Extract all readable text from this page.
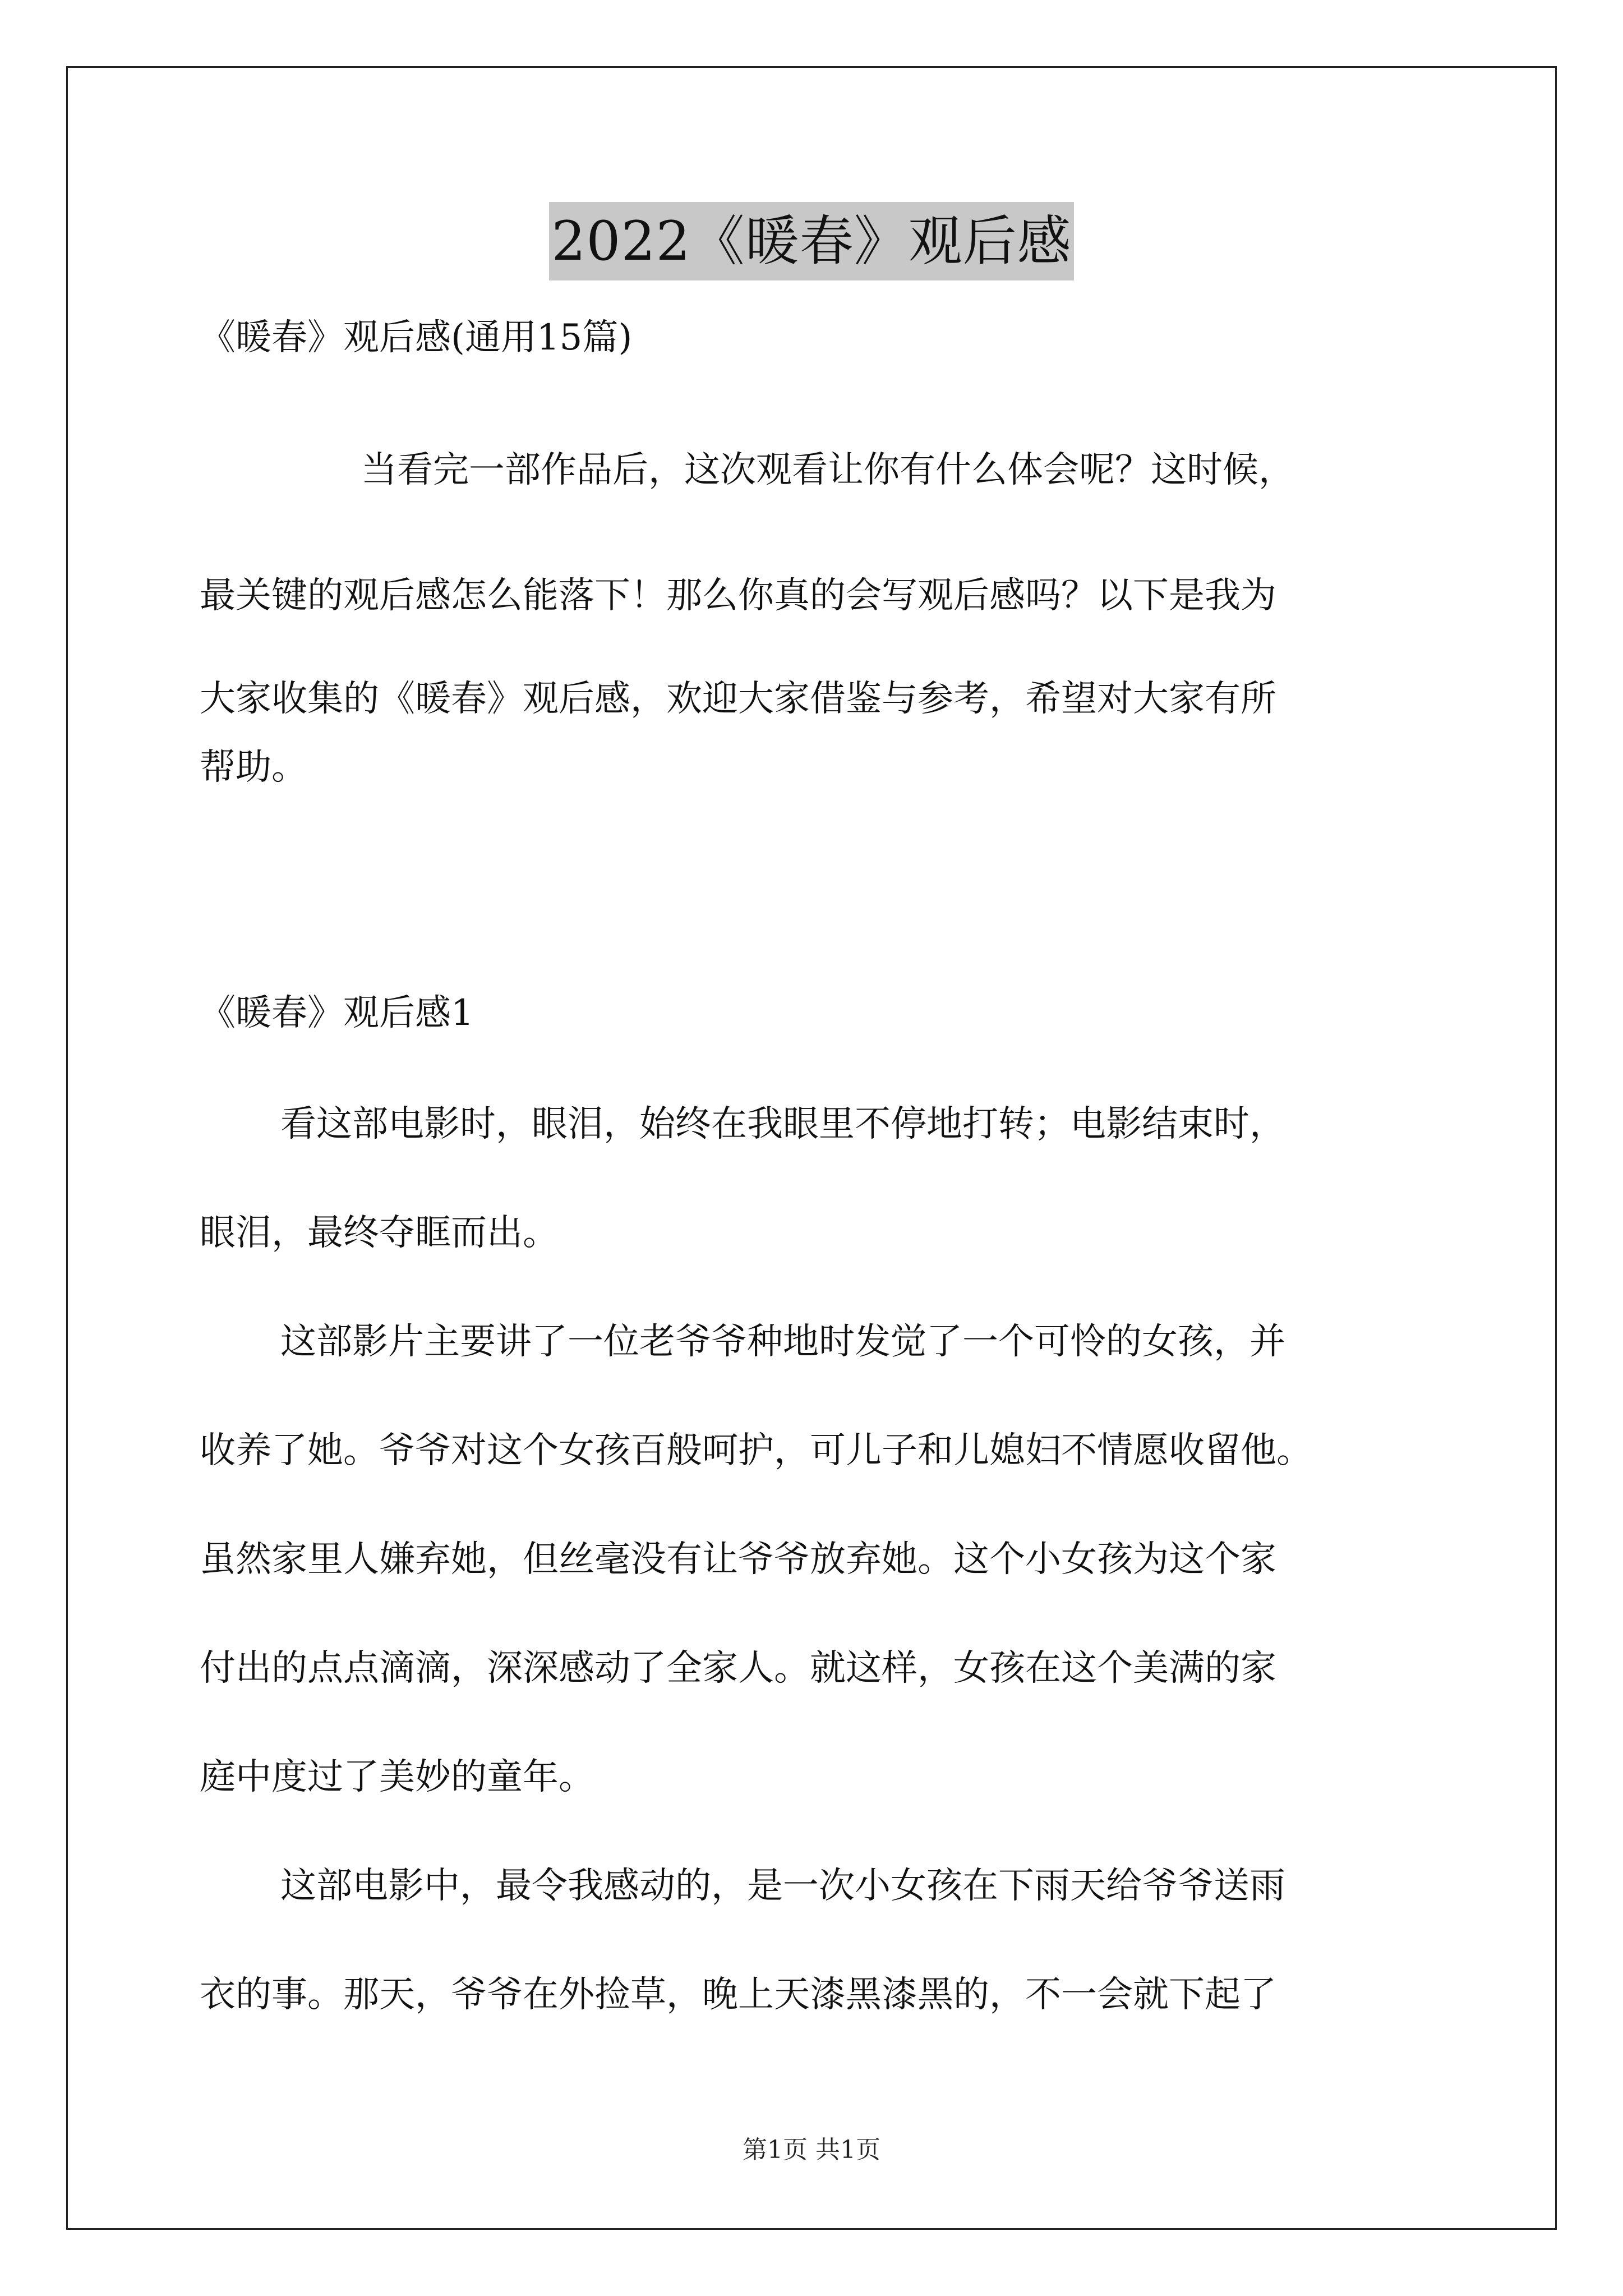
2022《暖春》观后感
《暖春》观后感(通用15篇)
当看完一部作品后，这次观看让你有什么体会呢？这时候，
最关键的观后感怎么能落下！那么你真的会写观后感吗？以下是我为
大家收集的《暖春》观后感，欢迎大家借鉴与参考，希望对大家有所
帮助。
《暖春》观后感1
看这部电影时，眼泪，始终在我眼里不停地打转；电影结束时，
眼泪，最终夺眶而出。
这部影片主要讲了一位老爷爷种地时发觉了一个可怜的女孩，并
收养了她。爷爷对这个女孩百般呵护，可儿子和儿媳妇不情愿收留他。
虽然家里人嫌弃她，但丝毫没有让爷爷放弃她。这个小女孩为这个家
付出的点点滴滴，深深感动了全家人。就这样，女孩在这个美满的家
庭中度过了美妙的童年。
这部电影中，最令我感动的，是一次小女孩在下雨天给爷爷送雨
衣的事。那天，爷爷在外捡草，晚上天漆黑漆黑的，不一会就下起了
第1页 共1页
